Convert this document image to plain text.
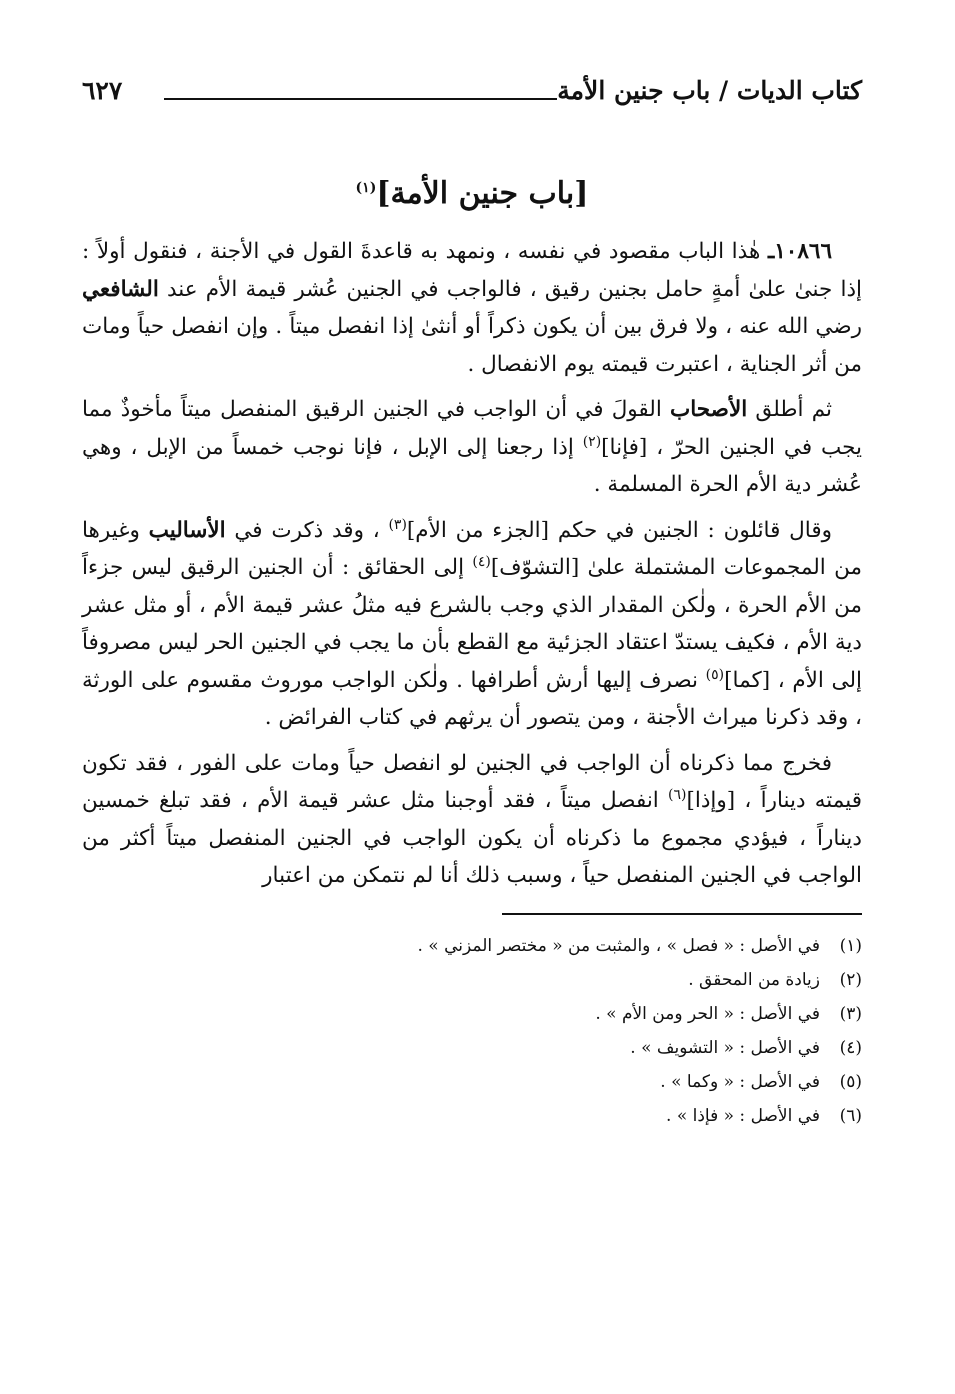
كتاب الديات / باب جنين الأمة
٦٢٧
[باب جنين الأمة]$^{(١)}$

١٠٨٦٦ـ هٰذا الباب مقصود في نفسه ، ونمهد به قاعدةَ القول في الأجنة ، فنقول أولاً : إذا جنىٰ علىٰ أمةٍ حامل بجنين رقيق ، فالواجب في الجنين عُشر قيمة الأم عند الشافعي رضي الله عنه ، ولا فرق بين أن يكون ذكراً أو أنثىٰ إذا انفصل ميتاً . وإن انفصل حياً ومات من أثر الجناية ، اعتبرت قيمته يوم الانفصال .

ثم أطلق الأصحاب القولَ في أن الواجب في الجنين الرقيق المنفصل ميتاً مأخوذٌ مما يجب في الجنين الحرّ ، [فإنا]$^{(٢)}$ إذا رجعنا إلى الإبل ، فإنا نوجب خمساً من الإبل ، وهي عُشر دية الأم الحرة المسلمة .

وقال قائلون : الجنين في حكم [الجزء من الأم]$^{(٣)}$ ، وقد ذكرت في الأساليب وغيرها من المجموعات المشتملة علىٰ [التشوّف]$^{(٤)}$ إلى الحقائق : أن الجنين الرقيق ليس جزءاً من الأم الحرة ، ولٰكن المقدار الذي وجب بالشرع فيه مثلُ عشر قيمة الأم ، أو مثل عشر دية الأم ، فكيف يستدّ اعتقاد الجزئية مع القطع بأن ما يجب في الجنين الحر ليس مصروفاً إلى الأم ، [كما]$^{(٥)}$ نصرف إليها أرش أطرافها . ولٰكن الواجب موروث مقسوم على الورثة ، وقد ذكرنا ميراث الأجنة ، ومن يتصور أن يرثهم في كتاب الفرائض .

فخرج مما ذكرناه أن الواجب في الجنين لو انفصل حياً ومات على الفور ، فقد تكون قيمته ديناراً ، [وإذا]$^{(٦)}$ انفصل ميتاً ، فقد أوجبنا مثل عشر قيمة الأم ، فقد تبلغ خمسين ديناراً ، فيؤدي مجموع ما ذكرناه أن يكون الواجب في الجنين المنفصل ميتاً أكثر من الواجب في الجنين المنفصل حياً ، وسبب ذلك أنا لم نتمكن من اعتبار

(١)في الأصل : « فصل » ، والمثبت من « مختصر المزني » .
(٢)زيادة من المحقق .
(٣)في الأصل : « الحر ومن الأم » .
(٤)في الأصل : « التشويف » .
(٥)في الأصل : « وكما » .
(٦)في الأصل : « فإذا » .
